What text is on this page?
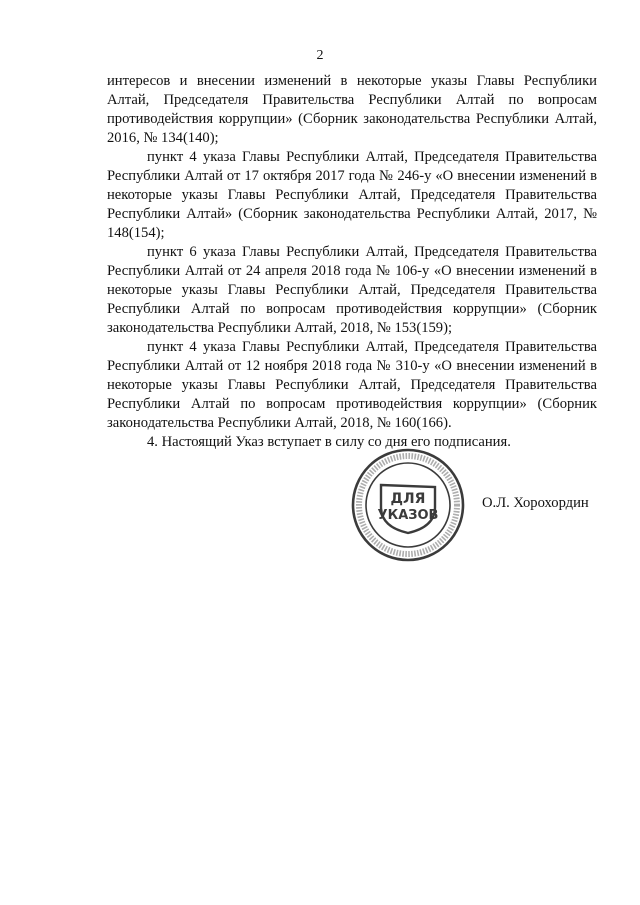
2

интересов и внесении изменений в некоторые указы Главы Республики Алтай, Председателя Правительства Республики Алтай по вопросам противодействия коррупции» (Сборник законодательства Республики Алтай, 2016, № 134(140);

пункт 4 указа Главы Республики Алтай, Председателя Правительства Республики Алтай от 17 октября 2017 года № 246-у «О внесении изменений в некоторые указы Главы Республики Алтай, Председателя Правительства Республики Алтай» (Сборник законодательства Республики Алтай, 2017, № 148(154);

пункт 6 указа Главы Республики Алтай, Председателя Правительства Республики Алтай от 24 апреля 2018 года № 106-у «О внесении изменений в некоторые указы Главы Республики Алтай, Председателя Правительства Республики Алтай по вопросам противодействия коррупции» (Сборник законодательства Республики Алтай, 2018, № 153(159);

пункт 4 указа Главы Республики Алтай, Председателя Правительства Республики Алтай от 12 ноября 2018 года № 310-у «О внесении изменений в некоторые указы Главы Республики Алтай, Председателя Правительства Республики Алтай по вопросам противодействия коррупции» (Сборник законодательства Республики Алтай, 2018, № 160(166).

4. Настоящий Указ вступает в силу со дня его подписания.

ДЛЯ
УКАЗОВ
О.Л. Хорохордин
